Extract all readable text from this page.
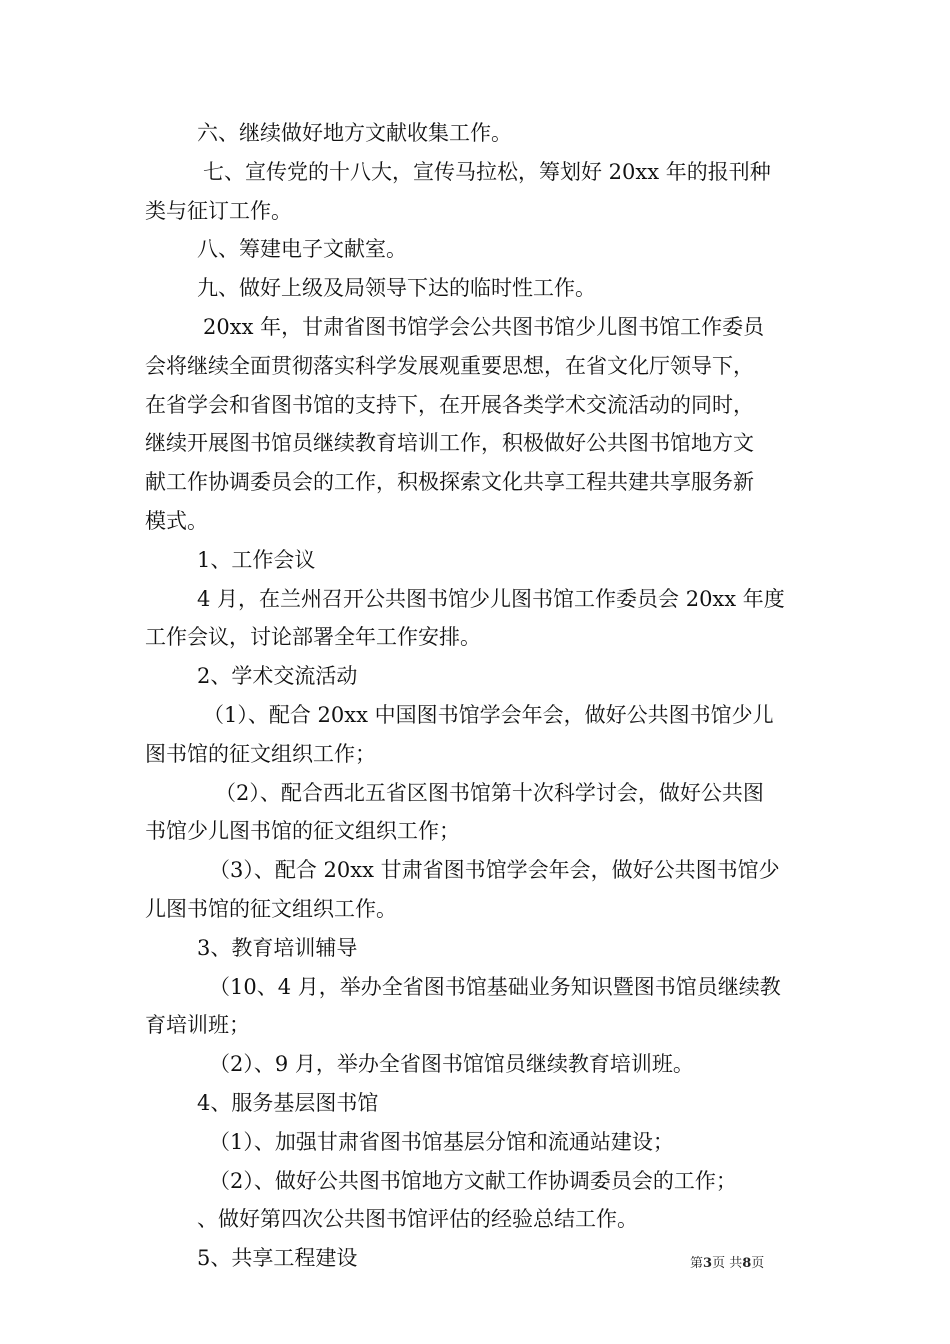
六、继续做好地方文献收集工作。
七、宣传党的十八大，宣传马拉松，筹划好 20xx 年的报刊种
类与征订工作。
八、筹建电子文献室。
九、做好上级及局领导下达的临时性工作。
20xx 年，甘肃省图书馆学会公共图书馆少儿图书馆工作委员
会将继续全面贯彻落实科学发展观重要思想，在省文化厅领导下，
在省学会和省图书馆的支持下，在开展各类学术交流活动的同时，
继续开展图书馆员继续教育培训工作，积极做好公共图书馆地方文
献工作协调委员会的工作，积极探索文化共享工程共建共享服务新
模式。
1、工作会议
4 月，在兰州召开公共图书馆少儿图书馆工作委员会 20xx 年度
工作会议，讨论部署全年工作安排。
2、学术交流活动
（1）、配合 20xx 中国图书馆学会年会，做好公共图书馆少儿
图书馆的征文组织工作；
（2）、配合西北五省区图书馆第十次科学讨会，做好公共图
书馆少儿图书馆的征文组织工作；
（3）、配合 20xx 甘肃省图书馆学会年会，做好公共图书馆少
儿图书馆的征文组织工作。
3、教育培训辅导
（10、4 月，举办全省图书馆基础业务知识暨图书馆员继续教
育培训班；
（2）、9 月，举办全省图书馆馆员继续教育培训班。
4、服务基层图书馆
（1）、加强甘肃省图书馆基层分馆和流通站建设；
（2）、做好公共图书馆地方文献工作协调委员会的工作；
、做好第四次公共图书馆评估的经验总结工作。
5、共享工程建设	第3页 共8页
